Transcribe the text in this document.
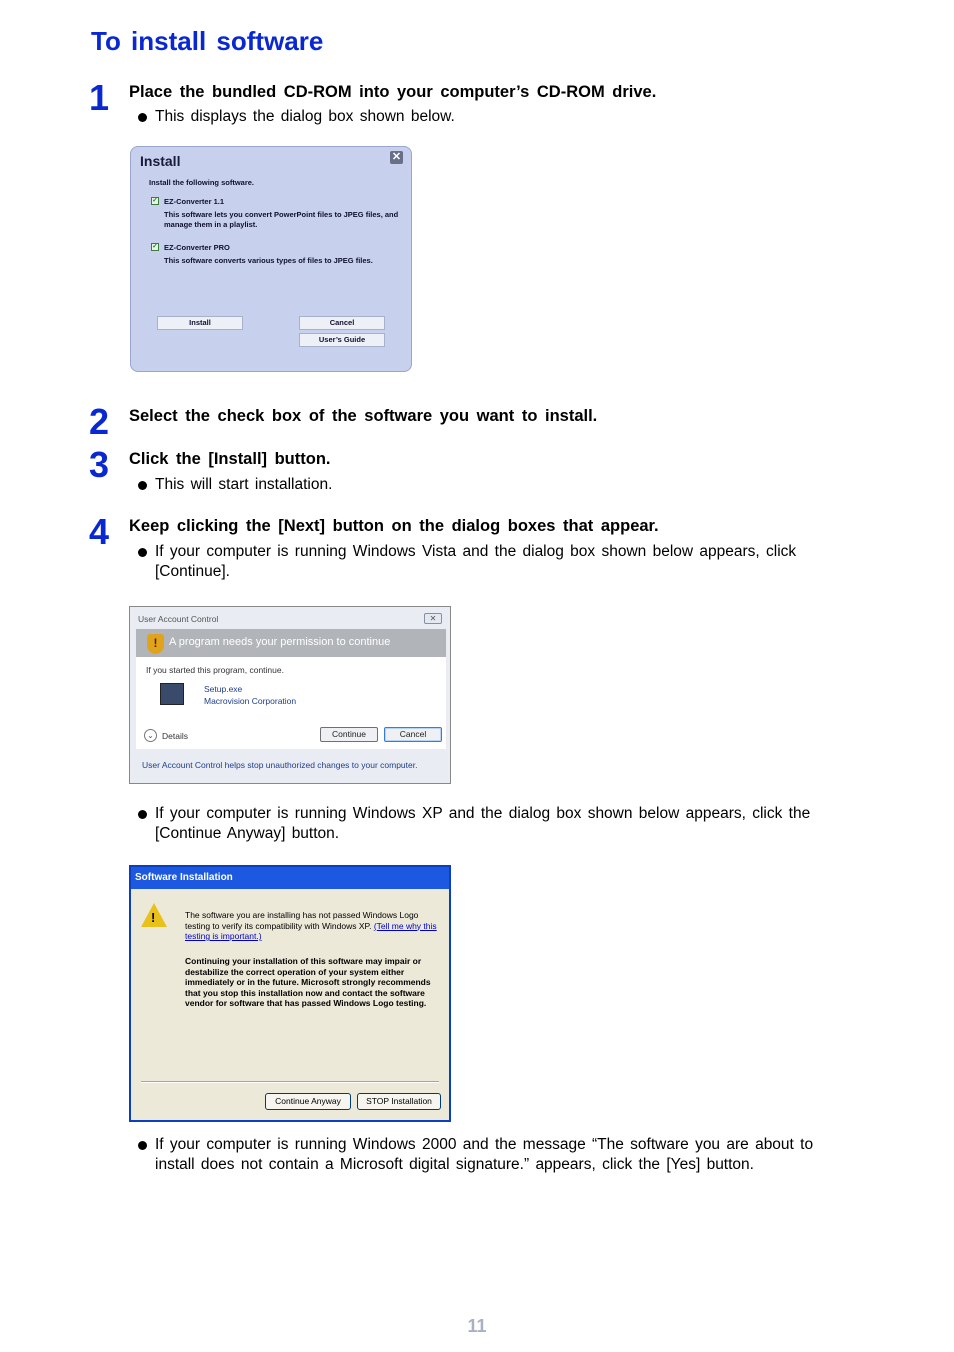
To install software
1 Place the bundled CD-ROM into your computer’s CD-ROM drive.
This displays the dialog box shown below.
Install	✕
Install the following software.
✓ EZ-Converter 1.1
This software lets you convert PowerPoint files to JPEG files, and manage them in a playlist.
✓ EZ-Converter PRO
This software converts various types of files to JPEG files.
Install	Cancel
User’s Guide
2 Select the check box of the software you want to install.
3 Click the [Install] button.
This will start installation.
4 Keep clicking the [Next] button on the dialog boxes that appear.
If your computer is running Windows Vista and the dialog box shown below appears, click [Continue].
User Account Control	✕
!	A program needs your permission to continue
If you started this program, continue.
Setup.exe
Macrovision Corporation
⌄ Details	Continue	Cancel
User Account Control helps stop unauthorized changes to your computer.
If your computer is running Windows XP and the dialog box shown below appears, click the [Continue Anyway] button.
Software Installation
!	The software you are installing has not passed Windows Logo testing to verify its compatibility with Windows XP. (Tell me why this testing is important.)
Continuing your installation of this software may impair or destabilize the correct operation of your system either immediately or in the future. Microsoft strongly recommends that you stop this installation now and contact the software vendor for software that has passed Windows Logo testing.
Continue Anyway	STOP Installation
If your computer is running Windows 2000 and the message “The software you are about to install does not contain a Microsoft digital signature.” appears, click the [Yes] button.
11
